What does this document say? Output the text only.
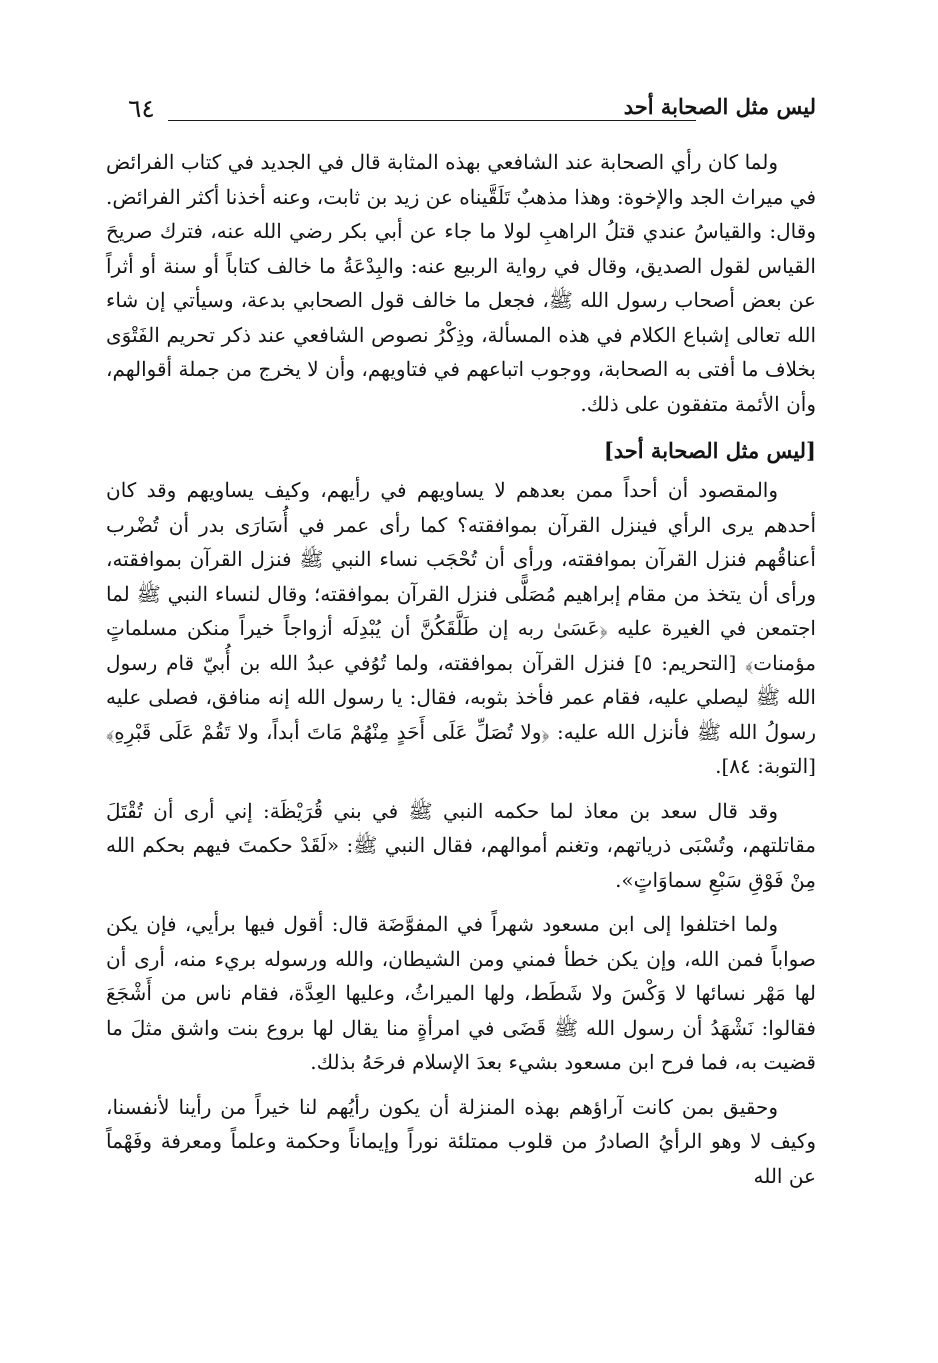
٦٤	ليس مثل الصحابة أحد

ولما كان رأي الصحابة عند الشافعي بهذه المثابة قال في الجديد في كتاب الفرائض في ميراث الجد والإخوة: وهذا مذهبٌ تَلَقَّيناه عن زيد بن ثابت، وعنه أخذنا أكثر الفرائض. وقال: والقياسُ عندي قتلُ الراهبِ لولا ما جاء عن أبي بكر رضي الله عنه، فترك صريحَ القياس لقول الصديق، وقال في رواية الربيع عنه: والبِدْعَةُ ما خالف كتاباً أو سنة أو أثراً عن بعض أصحاب رسول الله ﷺ، فجعل ما خالف قول الصحابي بدعة، وسيأتي إن شاء الله تعالى إشباع الكلام في هذه المسألة، وذِكْرُ نصوص الشافعي عند ذكر تحريم الفَتْوَى بخلاف ما أفتى به الصحابة، ووجوب اتباعهم في فتاويهم، وأن لا يخرج من جملة أقوالهم، وأن الأئمة متفقون على ذلك.

[ليس مثل الصحابة أحد]

والمقصود أن أحداً ممن بعدهم لا يساويهم في رأيهم، وكيف يساويهم وقد كان أحدهم يرى الرأي فينزل القرآن بموافقته؟ كما رأى عمر في أُسَارَى بدر أن تُضْرب أعناقُهم فنزل القرآن بموافقته، ورأى أن تُحْجَب نساء النبي ﷺ فنزل القرآن بموافقته، ورأى أن يتخذ من مقام إبراهيم مُصَلًّى فنزل القرآن بموافقته؛ وقال لنساء النبي ﷺ لما اجتمعن في الغيرة عليه ﴿عَسَىٰ ربه إن طَلَّقَكُنَّ أن يُبْدِلَه أزواجاً خيراً منكن مسلماتٍ مؤمنات﴾ [التحريم: ٥] فنزل القرآن بموافقته، ولما تُوُفي عبدُ الله بن أُبيّ قام رسول الله ﷺ ليصلي عليه، فقام عمر فأخذ بثوبه، فقال: يا رسول الله إنه منافق، فصلى عليه رسولُ الله ﷺ فأنزل الله عليه: ﴿ولا تُصَلِّ عَلَى أَحَدٍ مِنْهُمْ مَاتَ أبداً، ولا تَقُمْ عَلَى قَبْرِهِ﴾ [التوبة: ٨٤].

وقد قال سعد بن معاذ لما حكمه النبي ﷺ في بني قُرَيْظَة: إني أرى أن تُقْتَلَ مقاتلتهم، وتُسْبَى ذرياتهم، وتغنم أموالهم، فقال النبي ﷺ: «لَقَدْ حكمتَ فيهم بحكم الله مِنْ فَوْقِ سَبْعِ سماوَاتٍ».

ولما اختلفوا إلى ابن مسعود شهراً في المفوَّضَة قال: أقول فيها برأيي، فإن يكن صواباً فمن الله، وإن يكن خطأ فمني ومن الشيطان، والله ورسوله بريء منه، أرى أن لها مَهْر نسائها لا وَكْسَ ولا شَطَط، ولها الميراثُ، وعليها العِدَّة، فقام ناس من أَشْجَعَ فقالوا: نَشْهَدُ أن رسول الله ﷺ قَضَى في امرأةٍ منا يقال لها بروع بنت واشق مثلَ ما قضيت به، فما فرح ابن مسعود بشيء بعدَ الإسلام فرحَهُ بذلك.

وحقيق بمن كانت آراؤهم بهذه المنزلة أن يكون رأيُهم لنا خيراً من رأينا لأنفسنا، وكيف لا وهو الرأيُ الصادرُ من قلوب ممتلئة نوراً وإيماناً وحكمة وعلماً ومعرفة وفَهْماً عن الله
